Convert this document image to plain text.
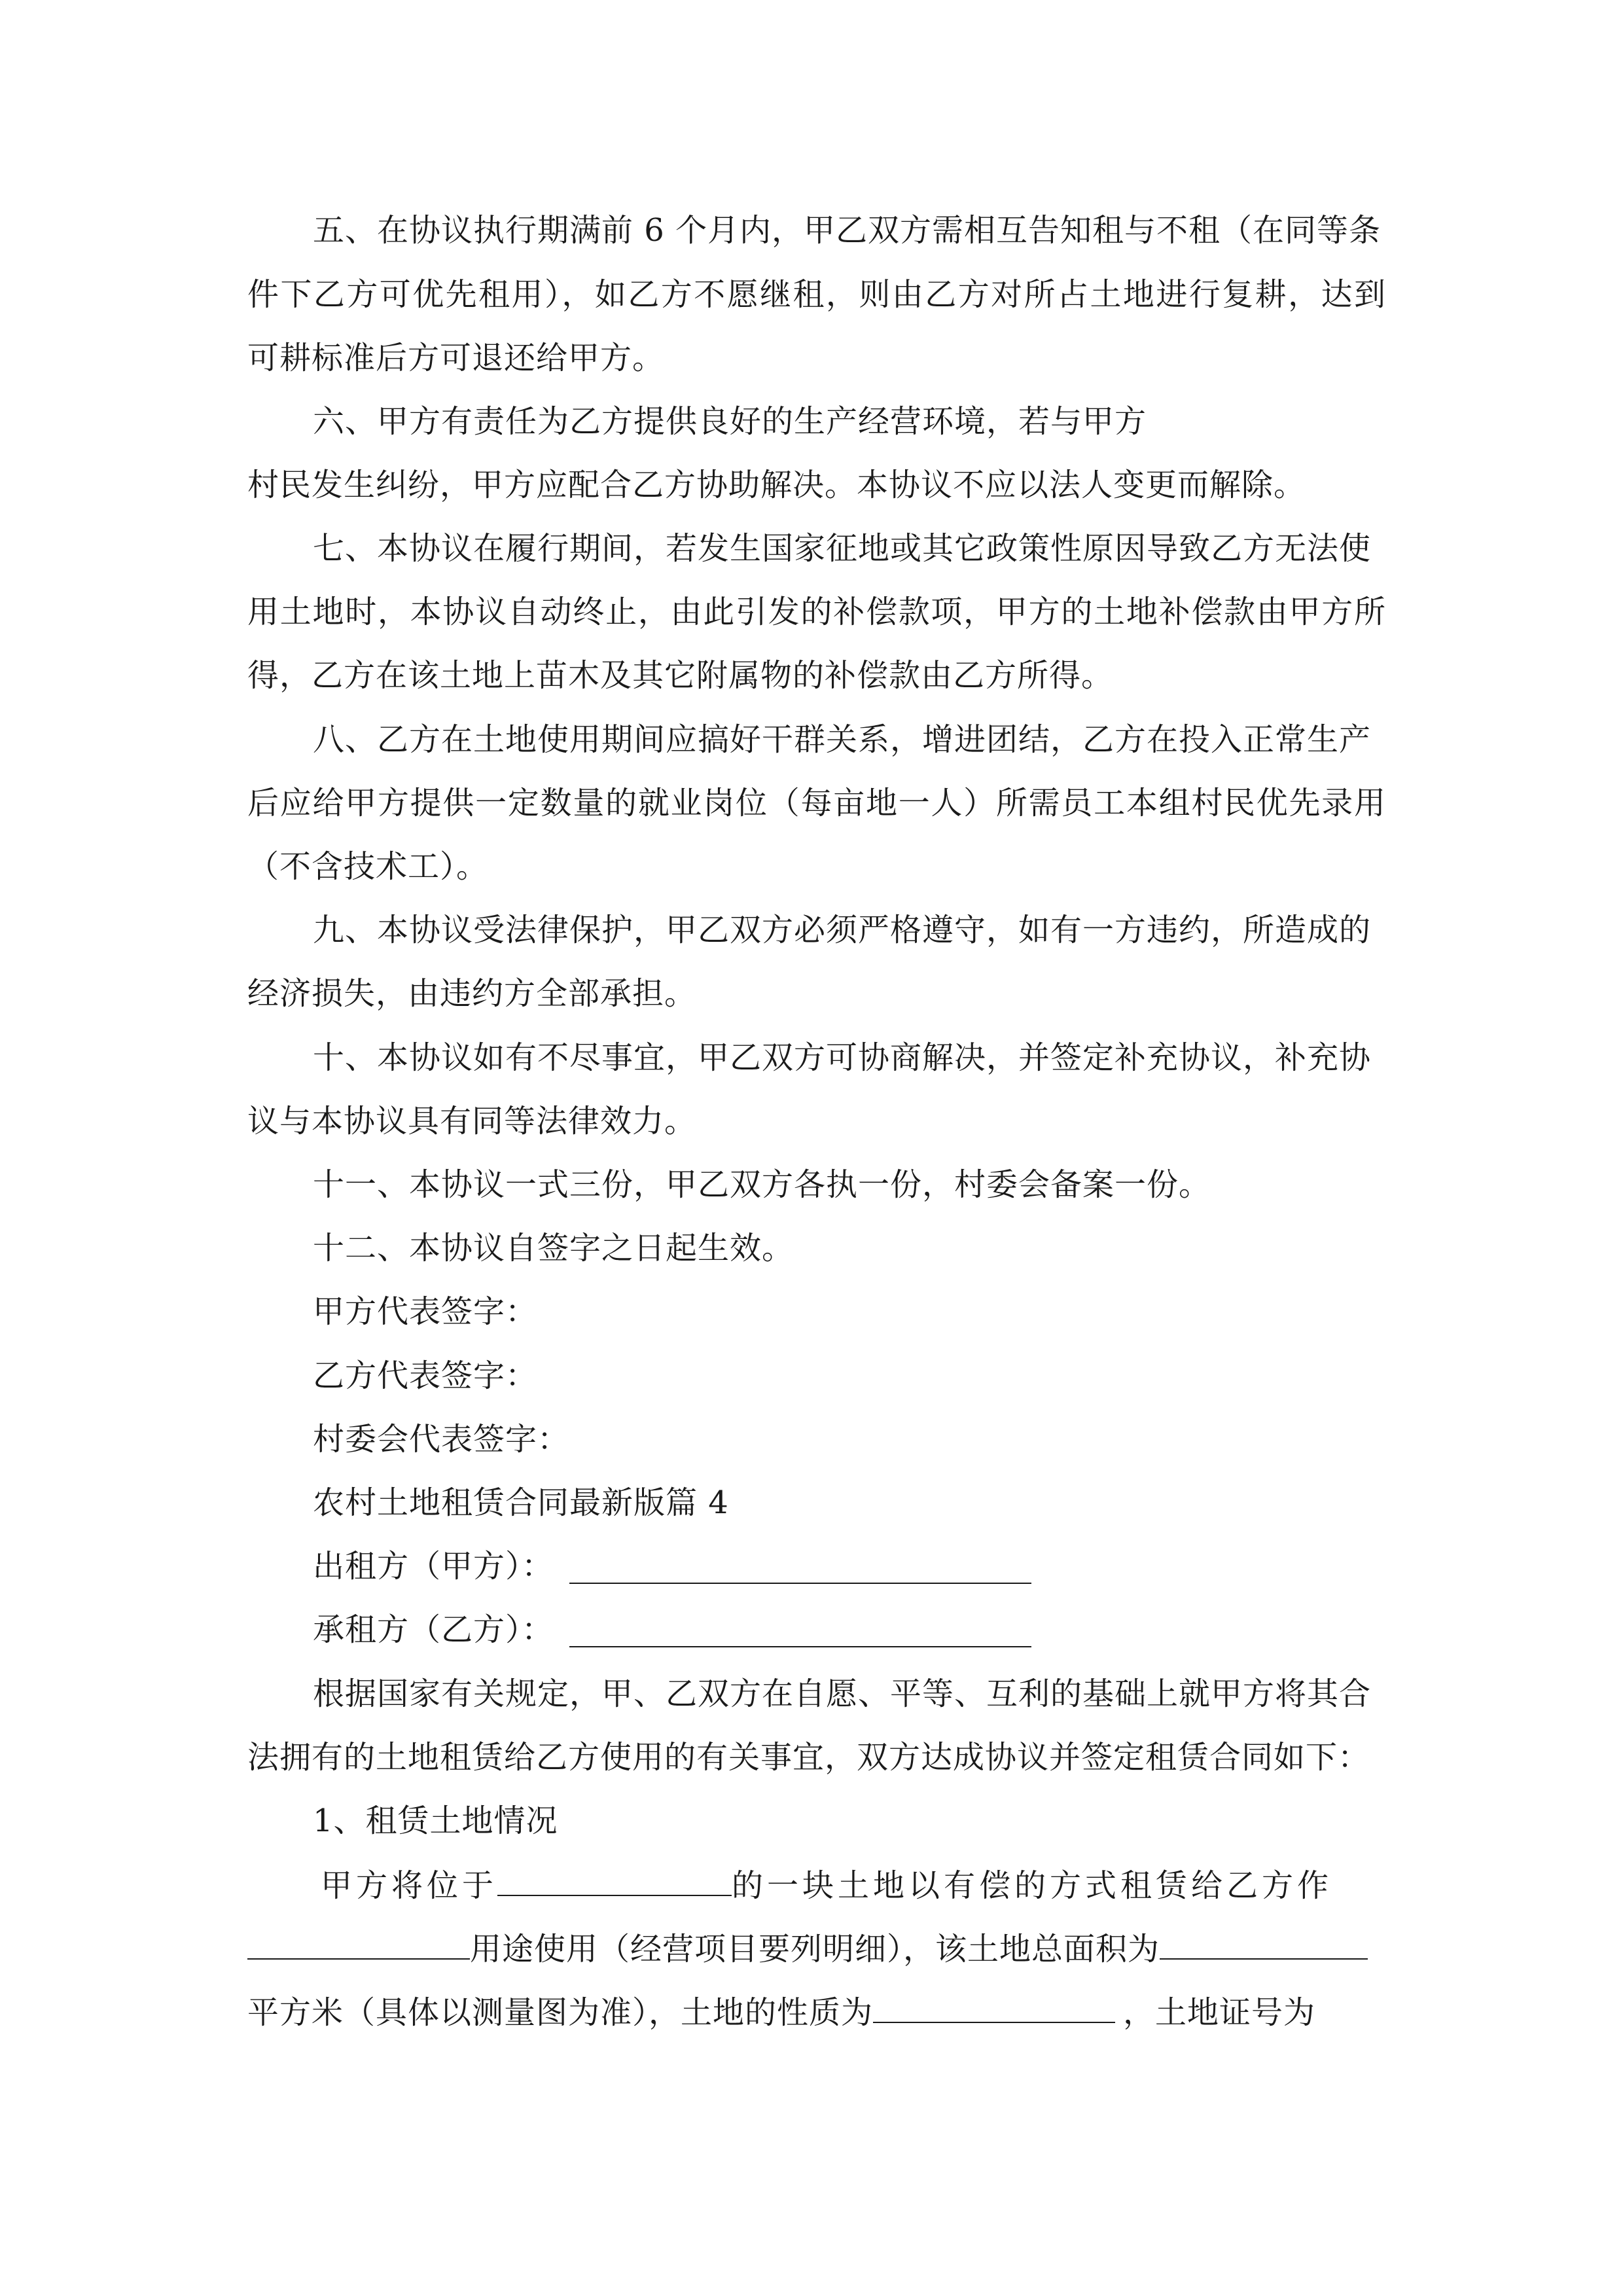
五、在协议执行期满前 6 个月内，甲乙双方需相互告知租与不租（在同等条
件下乙方可优先租用），如乙方不愿继租，则由乙方对所占土地进行复耕，达到
可耕标准后方可退还给甲方。
六、甲方有责任为乙方提供良好的生产经营环境，若与甲方
村民发生纠纷，甲方应配合乙方协助解决。本协议不应以法人变更而解除。
七、本协议在履行期间，若发生国家征地或其它政策性原因导致乙方无法使
用土地时，本协议自动终止，由此引发的补偿款项，甲方的土地补偿款由甲方所
得，乙方在该土地上苗木及其它附属物的补偿款由乙方所得。
八、乙方在土地使用期间应搞好干群关系，增进团结，乙方在投入正常生产
后应给甲方提供一定数量的就业岗位（每亩地一人）所需员工本组村民优先录用
（不含技术工）。
九、本协议受法律保护，甲乙双方必须严格遵守，如有一方违约，所造成的
经济损失，由违约方全部承担。
十、本协议如有不尽事宜，甲乙双方可协商解决，并签定补充协议，补充协
议与本协议具有同等法律效力。
十一、本协议一式三份，甲乙双方各执一份，村委会备案一份。
十二、本协议自签字之日起生效。
甲方代表签字：
乙方代表签字：
村委会代表签字：
农村土地租赁合同最新版篇 4
出租方（甲方）：
承租方（乙方）：
根据国家有关规定，甲、乙双方在自愿、平等、互利的基础上就甲方将其合
法拥有的土地租赁给乙方使用的有关事宜，双方达成协议并签定租赁合同如下：
1、租赁土地情况
甲方将位于	的一块土地以有偿的方式租赁给乙方作
用途使用（经营项目要列明细），该土地总面积为
平方米（具体以测量图为准），土地的性质为	，土地证号为
